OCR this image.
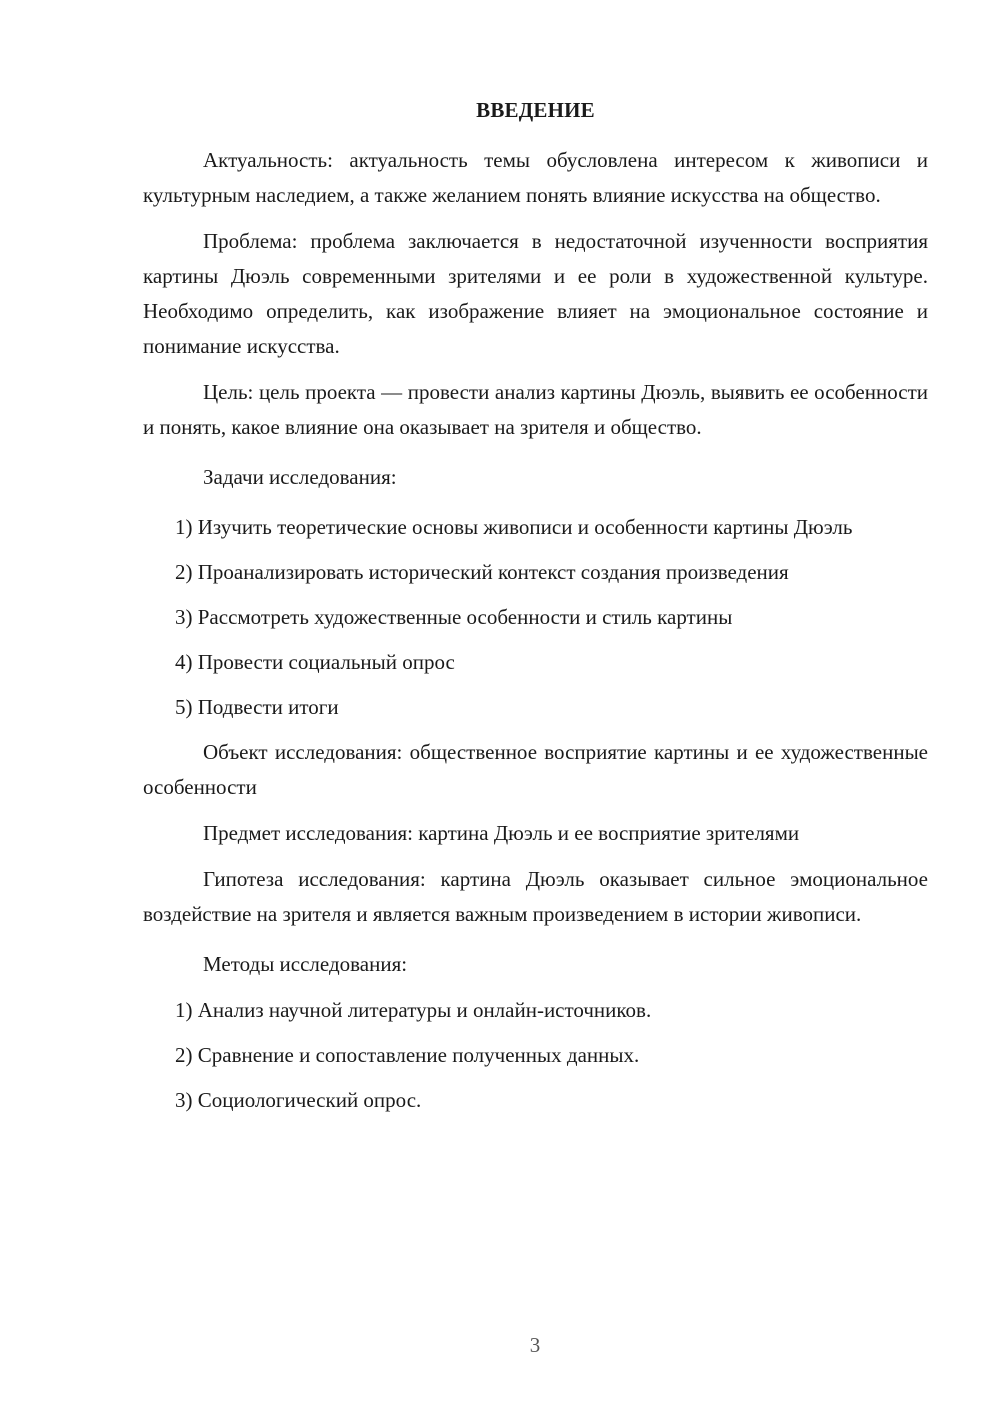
ВВЕДЕНИЕ

Актуальность: актуальность темы обусловлена интересом к живописи и культурным наследием, а также желанием понять влияние искусства на общество.

Проблема: проблема заключается в недостаточной изученности восприятия картины Дюэль современными зрителями и ее роли в художественной культуре. Необходимо определить, как изображение влияет на эмоциональное состояние и понимание искусства.

Цель: цель проекта — провести анализ картины Дюэль, выявить ее особенности и понять, какое влияние она оказывает на зрителя и общество.

Задачи исследования:

1) Изучить теоретические основы живописи и особенности картины Дюэль
2) Проанализировать исторический контекст создания произведения
3) Рассмотреть художественные особенности и стиль картины
4) Провести социальный опрос
5) Подвести итоги

Объект исследования: общественное восприятие картины и ее художественные особенности

Предмет исследования: картина Дюэль и ее восприятие зрителями

Гипотеза исследования: картина Дюэль оказывает сильное эмоциональное воздействие на зрителя и является важным произведением в истории живописи.

Методы исследования:

1) Анализ научной литературы и онлайн-источников.
2) Сравнение и сопоставление полученных данных.
3) Социологический опрос.
3
